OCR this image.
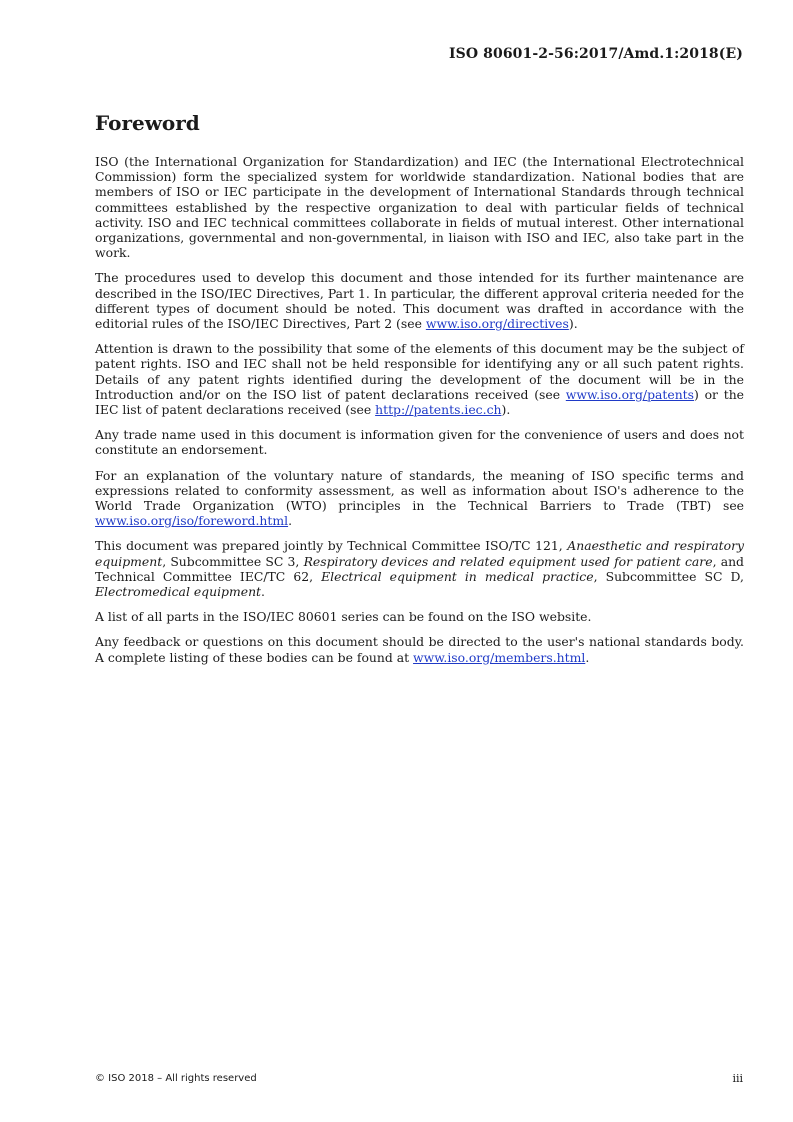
ISO 80601-2-56:2017/Amd.1:2018(E)
Foreword

ISO (the International Organization for Standardization) and IEC (the International Electrotechnical Commission) form the specialized system for worldwide standardization. National bodies that are members of ISO or IEC participate in the development of International Standards through technical committees established by the respective organization to deal with particular fields of technical activity. ISO and IEC technical committees collaborate in fields of mutual interest. Other international organizations, governmental and non-governmental, in liaison with ISO and IEC, also take part in the work.

The procedures used to develop this document and those intended for its further maintenance are described in the ISO/IEC Directives, Part 1. In particular, the different approval criteria needed for the different types of document should be noted. This document was drafted in accordance with the editorial rules of the ISO/IEC Directives, Part 2 (see www.iso.org/directives).

Attention is drawn to the possibility that some of the elements of this document may be the subject of patent rights. ISO and IEC shall not be held responsible for identifying any or all such patent rights. Details of any patent rights identified during the development of the document will be in the Introduction and/or on the ISO list of patent declarations received (see www.iso.org/patents) or the IEC list of patent declarations received (see http://patents.iec.ch).

Any trade name used in this document is information given for the convenience of users and does not constitute an endorsement.

For an explanation of the voluntary nature of standards, the meaning of ISO specific terms and expressions related to conformity assessment, as well as information about ISO's adherence to the World Trade Organization (WTO) principles in the Technical Barriers to Trade (TBT) see www.iso.org/iso/foreword.html.

This document was prepared jointly by Technical Committee ISO/TC 121, Anaesthetic and respiratory equipment, Subcommittee SC 3, Respiratory devices and related equipment used for patient care, and Technical Committee IEC/TC 62, Electrical equipment in medical practice, Subcommittee SC D, Electromedical equipment.

A list of all parts in the ISO/IEC 80601 series can be found on the ISO website.

Any feedback or questions on this document should be directed to the user's national standards body. A complete listing of these bodies can be found at www.iso.org/members.html.

© ISO 2018 – All rights reserved	iii
